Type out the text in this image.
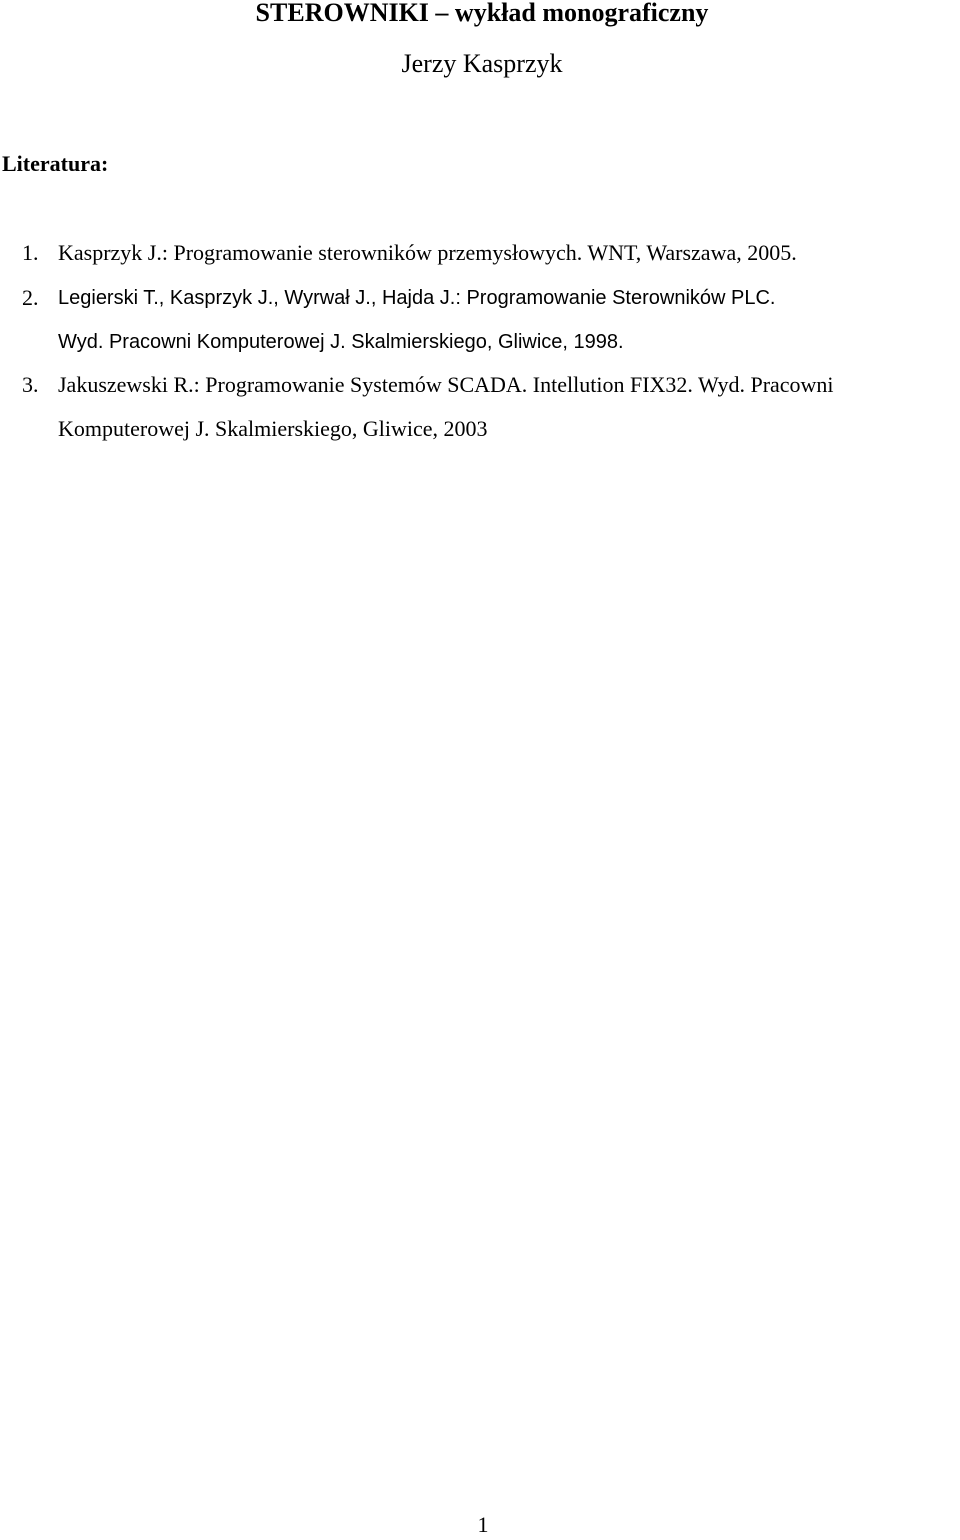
STEROWNIKI – wykład monograficzny
Jerzy Kasprzyk
Literatura:
1. Kasprzyk J.: Programowanie sterowników przemysłowych. WNT, Warszawa, 2005.
2. Legierski T., Kasprzyk J., Wyrwał J., Hajda J.: Programowanie Sterowników PLC.
Wyd. Pracowni Komputerowej J. Skalmierskiego, Gliwice, 1998.
3. Jakuszewski R.: Programowanie Systemów SCADA. Intellution FIX32. Wyd. Pracowni
Komputerowej J. Skalmierskiego, Gliwice, 2003
1
